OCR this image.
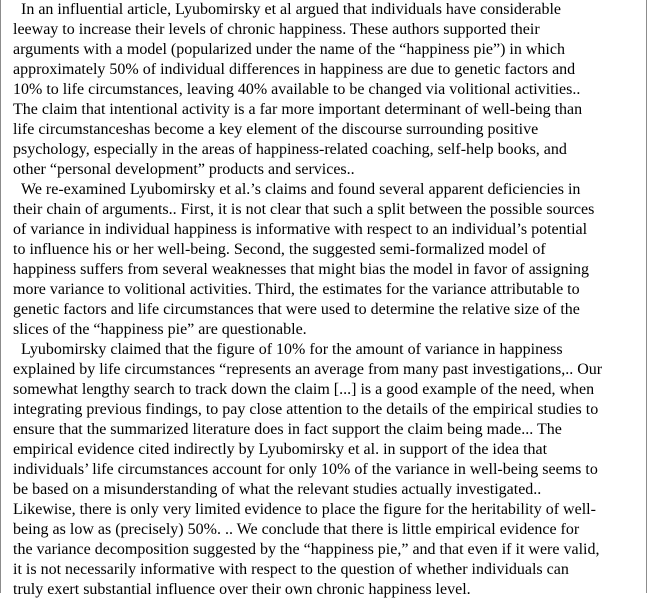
In an influential article, Lyubomirsky et al argued that individuals have considerable
leeway to increase their levels of chronic happiness. These authors supported their
arguments with a model (popularized under the name of the “happiness pie”) in which
approximately 50% of individual differences in happiness are due to genetic factors and
10% to life circumstances, leaving 40% available to be changed via volitional activities..
The claim that intentional activity is a far more important determinant of well-being than
life circumstanceshas become a key element of the discourse surrounding positive
psychology, especially in the areas of happiness-related coaching, self-help books, and
other “personal development” products and services..
We re-examined Lyubomirsky et al.’s claims and found several apparent deficiencies in
their chain of arguments.. First, it is not clear that such a split between the possible sources
of variance in individual happiness is informative with respect to an individual’s potential
to influence his or her well-being. Second, the suggested semi-formalized model of
happiness suffers from several weaknesses that might bias the model in favor of assigning
more variance to volitional activities. Third, the estimates for the variance attributable to
genetic factors and life circumstances that were used to determine the relative size of the
slices of the “happiness pie” are questionable.
Lyubomirsky claimed that the figure of 10% for the amount of variance in happiness
explained by life circumstances “represents an average from many past investigations,.. Our
somewhat lengthy search to track down the claim [...] is a good example of the need, when
integrating previous findings, to pay close attention to the details of the empirical studies to
ensure that the summarized literature does in fact support the claim being made... The
empirical evidence cited indirectly by Lyubomirsky et al. in support of the idea that
individuals’ life circumstances account for only 10% of the variance in well-being seems to
be based on a misunderstanding of what the relevant studies actually investigated..
Likewise, there is only very limited evidence to place the figure for the heritability of well-
being as low as (precisely) 50%. .. We conclude that there is little empirical evidence for
the variance decomposition suggested by the “happiness pie,” and that even if it were valid,
it is not necessarily informative with respect to the question of whether individuals can
truly exert substantial influence over their own chronic happiness level.
